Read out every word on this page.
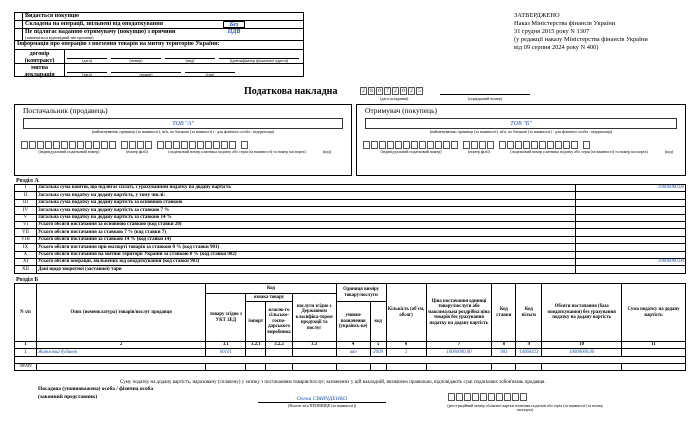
Видається покупцю
Складена на операції, звільнені від оподаткування	Без ПДВ
Не підлягає наданню отримувачу (покупцю) з причини
(зазначається відповідний тип причини)
Інформація про операцію з ввезення товарів на митну територію України:
договір
(контракт)	(дата)	(номер)	(вид)	(ідентифікатор фіскальної адреси)
митна
декларація	(дата)	(номер)	(тип)
ЗАТВЕРДЖЕНО
Наказ Міністерства фінансів України
31 грудня 2015 року N 1307
(у редакції наказу Міністерства фінансів України
від 09 серпня 2024 року N 400)
Податкова накладна	2	8	0	7	2	0	2	5
(дата складання)	(порядковий номер)
Постачальник (продавець)
ТОВ "А"
(найменування; прізвище (за наявності), ім'я, по батькові (за наявності) - для фізичної особи - підприємця)
(індивідуальний податковий номер)	(номер філії)	(податковий номер платника податку або серія (за наявності) та номер паспорта)	(код)
Отримувач (покупець)
ТОВ "Б"
(найменування; прізвище (за наявності), ім'я, по батькові (за наявності) - для фізичної особи - підприємця)
(індивідуальний податковий номер)	(номер філії)	(податковий номер платника податку або серія (за наявності) та номер паспорта)	(код)
Розділ А
I	Загальна сума коштів, що підлягає сплаті, з урахуванням податку на додану вартість	10000000,00
II	Загальна сума податку на додану вартість, у тому числі:	
III	Загальна сума податку на додану вартість за основною ставкою	
IV	Загальна сума податку на додану вартість за ставкою 7 %	
V	Загальна сума податку на додану вартість за ставкою 14 %	
VI	Усього обсяги постачання за основною ставкою (код ставки 20)	
VII	Усього обсяги постачання за ставкою 7 % (код ставки 7)	
VIII	Усього обсяги постачання за ставкою 14 % (код ставки 14)	
IX	Усього обсяги постачання при експорті товарів за ставкою 0 % (код ставки 901)	
X	Усього обсяги постачання на митній території України за ставкою 0 % (код ставки 902)	
XI	Усього обсяги операцій, звільнених від оподаткування (код ставки 903)	10000000,00
XII	Дані щодо зворотної (заставної) тари	
Розділ Б
N з/п	Опис (номенклатура) товарів/послуг продавця	Код				Одиниця виміру товару/послуги		Кількість (об'єм, обсяг)	Ціна постачання одиниці товару/послуги або максимальна роздрібна ціна товарів без урахування податку на додану вартість	Код ставки	Код пільги	Обсяги постачання (база оподаткування) без урахування податку на додану вартість	Сума податку на додану вартість
		товару згідно з УКТ ЗЕД	ознака товару		послуги згідно з Державним класифіка-тором продукції та послуг								
			імпорт	власно-го сільсько-госпо-дарського виробника		умовне позначення (українсь-ке)	код						
1	2	3.1	3.2.1	3.2.2	3.3	4	5	6	7	8	9	10	11
1	Житловий будинок	00101				шт	2009	1	10000000,00	903	14060423	10000000,00	

99999													
Суму податку на додану вартість, нараховану (сплачену) у зв'язку з постачанням товарів/послуг, зазначених у цій накладній, визначено правильно, відповідають сумі податкових зобов'язань продавця.
Посадова (уповноважена) особа / фізична особа
(законний представник)	Олена СВИРІДЕНКО
(Власне ім'я ПРІЗВИЩЕ (за наявності))	(реєстраційний номер облікової картки платника податків або серія (за наявності) та номер паспорта)
